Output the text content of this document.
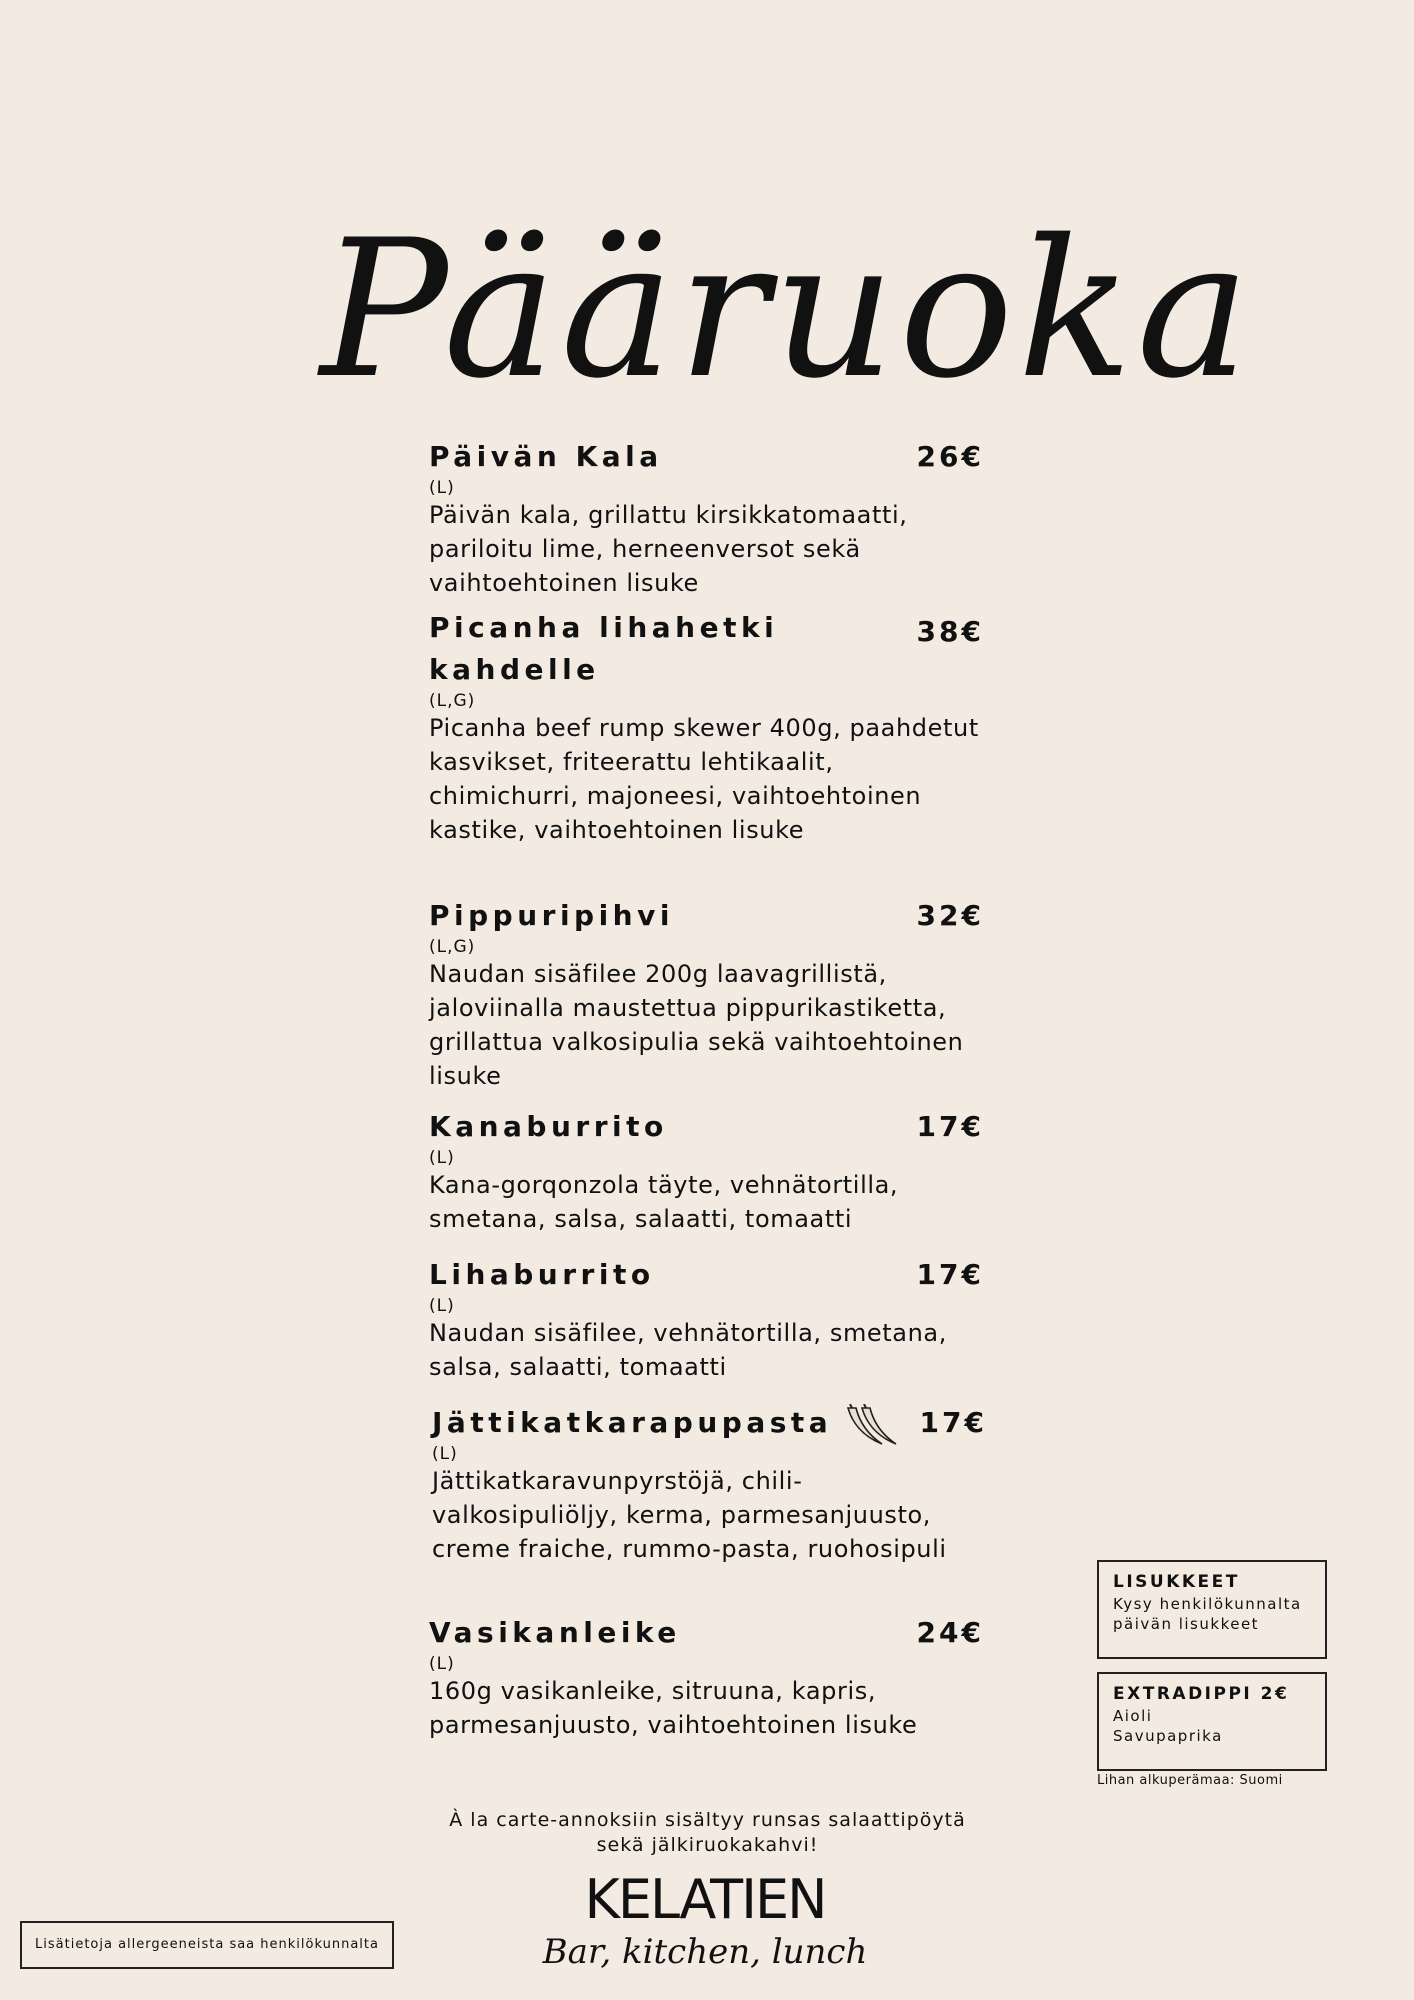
Pääruoka
Päivän Kala	26€
(L)
Päivän kala, grillattu kirsikkatomaatti, pariloitu lime, herneenversot sekä vaihtoehtoinen lisuke
Picanha lihahetki kahdelle
38€
(L,G)
Picanha beef rump skewer 400g, paahdetut kasvikset, friteerattu lehtikaalit, chimichurri, majoneesi, vaihtoehtoinen kastike, vaihtoehtoinen lisuke
Pippuripihvi	32€
(L,G)
Naudan sisäfilee 200g laavagrillistä, jaloviinalla maustettua pippurikastiketta, grillattua valkosipulia sekä vaihtoehtoinen lisuke
Kanaburrito	17€
(L)
Kana-gorqonzola täyte, vehnätortilla, smetana, salsa, salaatti, tomaatti
Lihaburrito	17€
(L)
Naudan sisäfilee, vehnätortilla, smetana, salsa, salaatti, tomaatti
Jättikatkarapupasta	17€
(L)
Jättikatkaravunpyrstöjä, chili-valkosipuliöljy, kerma, parmesanjuusto, creme fraiche, rummo-pasta, ruohosipuli
Vasikanleike	24€
(L)
160g vasikanleike, sitruuna, kapris, parmesanjuusto, vaihtoehtoinen lisuke
LISUKKEET
Kysy henkilökunnalta
päivän lisukkeet
EXTRADIPPI 2€
Aioli
Savupaprika
Lihan alkuperämaa: Suomi
À la carte-annoksiin sisältyy runsas salaattipöytä
sekä jälkiruokakahvi!
KELATIEN
Bar, kitchen, lunch
Lisätietoja allergeeneista saa henkilökunnalta
